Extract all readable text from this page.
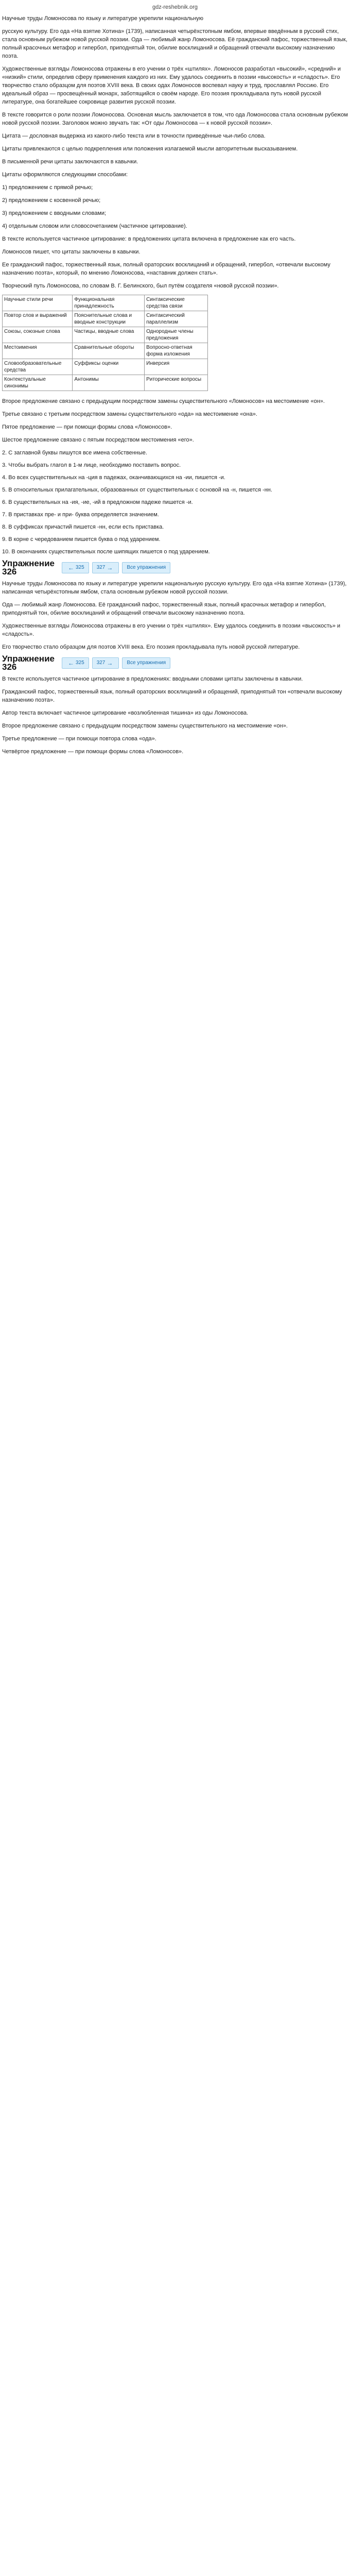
gdz-reshebnik.org

Научные труды Ломоносова по языку и литературе укрепили национальную

русскую культуру. Его ода «На взятие Хотина» (1739), написанная четырёхстопным ямбом, впервые введённым в русский стих, стала основным рубежом новой русской поэзии. Ода — любимый жанр Ломоносова. Её гражданский пафос, торжественный язык, полный красочных метафор и гипербол, приподнятый тон, обилие восклицаний и обращений отвечали высокому назначению поэта.

Художественные взгляды Ломоносова отражены в его учении о трёх «штилях». Ломоносов разработал «высокий», «средний» и «низкий» стили, определив сферу применения каждого из них. Ему удалось соединить в поэзии «высокость» и «сладость». Его творчество стало образцом для поэтов XVIII века. В своих одах Ломоносов воспевал науку и труд, прославлял Россию. Его идеальный образ — просвещённый монарх, заботящийся о своём народе. Его поэзия прокладывала путь новой русской литературе, она богатейшее сокровище развития русской поэзии.

В тексте говорится о роли поэзии Ломоносова. Основная мысль заключается в том, что ода Ломоносова стала основным рубежом новой русской поэзии. Заголовок можно звучать так: «От оды Ломоносова — к новой русской поэзии».

Цитата — дословная выдержка из какого-либо текста или в точности приведённые чьи-либо слова.

Цитаты привлекаются с целью подкрепления или положения излагаемой мысли авторитетным высказыванием.

В письменной речи цитаты заключаются в кавычки.

Цитаты оформляются следующими способами:

1) предложением с прямой речью;

2) предложением с косвенной речью;

3) предложением с вводными словами;

4) отдельным словом или словосочетанием (частичное цитирование).

В тексте используется частичное цитирование: в предложениях цитата включена в предложение как его часть.

Ломоносов пишет, что цитаты заключены в кавычки.

Ее гражданский пафос, торжественный язык, полный ораторских восклицаний и обращений, гипербол, «отвечали высокому назначению поэта», который, по мнению Ломоносова, «наставник должен стать».

Творческий путь Ломоносова, по словам В. Г. Белинского, был путём создателя «новой русской поэзии».

Научные стили речи	Функциональная принадлежность	Синтаксические средства связи
Повтор слов и выражений	Пояснительные слова и вводные конструкции	Синтаксический параллелизм
Союзы, союзные слова	Частицы, вводные слова	Однородные члены предложения
Местоимения	Сравнительные обороты	Вопросно-ответная форма изложения
Словообразовательные средства	Суффиксы оценки	Инверсия
Контекстуальные синонимы	Антонимы	Риторические вопросы

Второе предложение связано с предыдущим посредством замены существительного «Ломоносов» на местоимение «он».

Третье связано с третьим посредством замены существительного «ода» на местоимение «она».

Пятое предложение — при помощи формы слова «Ломоносов».

Шестое предложение связано с пятым посредством местоимения «его».

2. С заглавной буквы пишутся все имена собственные.
3. Чтобы выбрать глагол в 1-м лице, необходимо поставить вопрос.
4. Во всех существительных на -ция в падежах, оканчивающихся на -ии, пишется -и.
5. В относительных прилагательных, образованных от существительных с основой на -н, пишется -нн.
6. В существительных на -ия, -ие, -ий в предложном падеже пишется -и.
7. В приставках пре- и при- буква определяется значением.
8. В суффиксах причастий пишется -нн, если есть приставка.
9. В корне с чередованием пишется буква о под ударением.
10. В окончаниях существительных после шипящих пишется о под ударением.
Упражнение 326	← 325 327 →	Все упражнения

Научные труды Ломоносова по языку и литературе укрепили национальную русскую культуру. Его ода «На взятие Хотина» (1739), написанная четырёхстопным ямбом, стала основным рубежом новой русской поэзии.

Ода — любимый жанр Ломоносова. Её гражданский пафос, торжественный язык, полный красочных метафор и гипербол, приподнятый тон, обилие восклицаний и обращений отвечали высокому назначению поэта.

Художественные взгляды Ломоносова отражены в его учении о трёх «штилях». Ему удалось соединить в поэзии «высокость» и «сладость».

Его творчество стало образцом для поэтов XVIII века. Его поэзия прокладывала путь новой русской литературе.

Упражнение 326	← 325 327 →	Все упражнения

В тексте используется частичное цитирование в предложениях: вводными словами цитаты заключены в кавычки.

Гражданский пафос, торжественный язык, полный ораторских восклицаний и обращений, приподнятый тон «отвечали высокому назначению поэта».

Автор текста включает частичное цитирование «возлюбленная тишина» из оды Ломоносова.

Второе предложение связано с предыдущим посредством замены существительного на местоимение «он».

Третье предложение — при помощи повтора слова «ода».

Четвёртое предложение — при помощи формы слова «Ломоносов».
